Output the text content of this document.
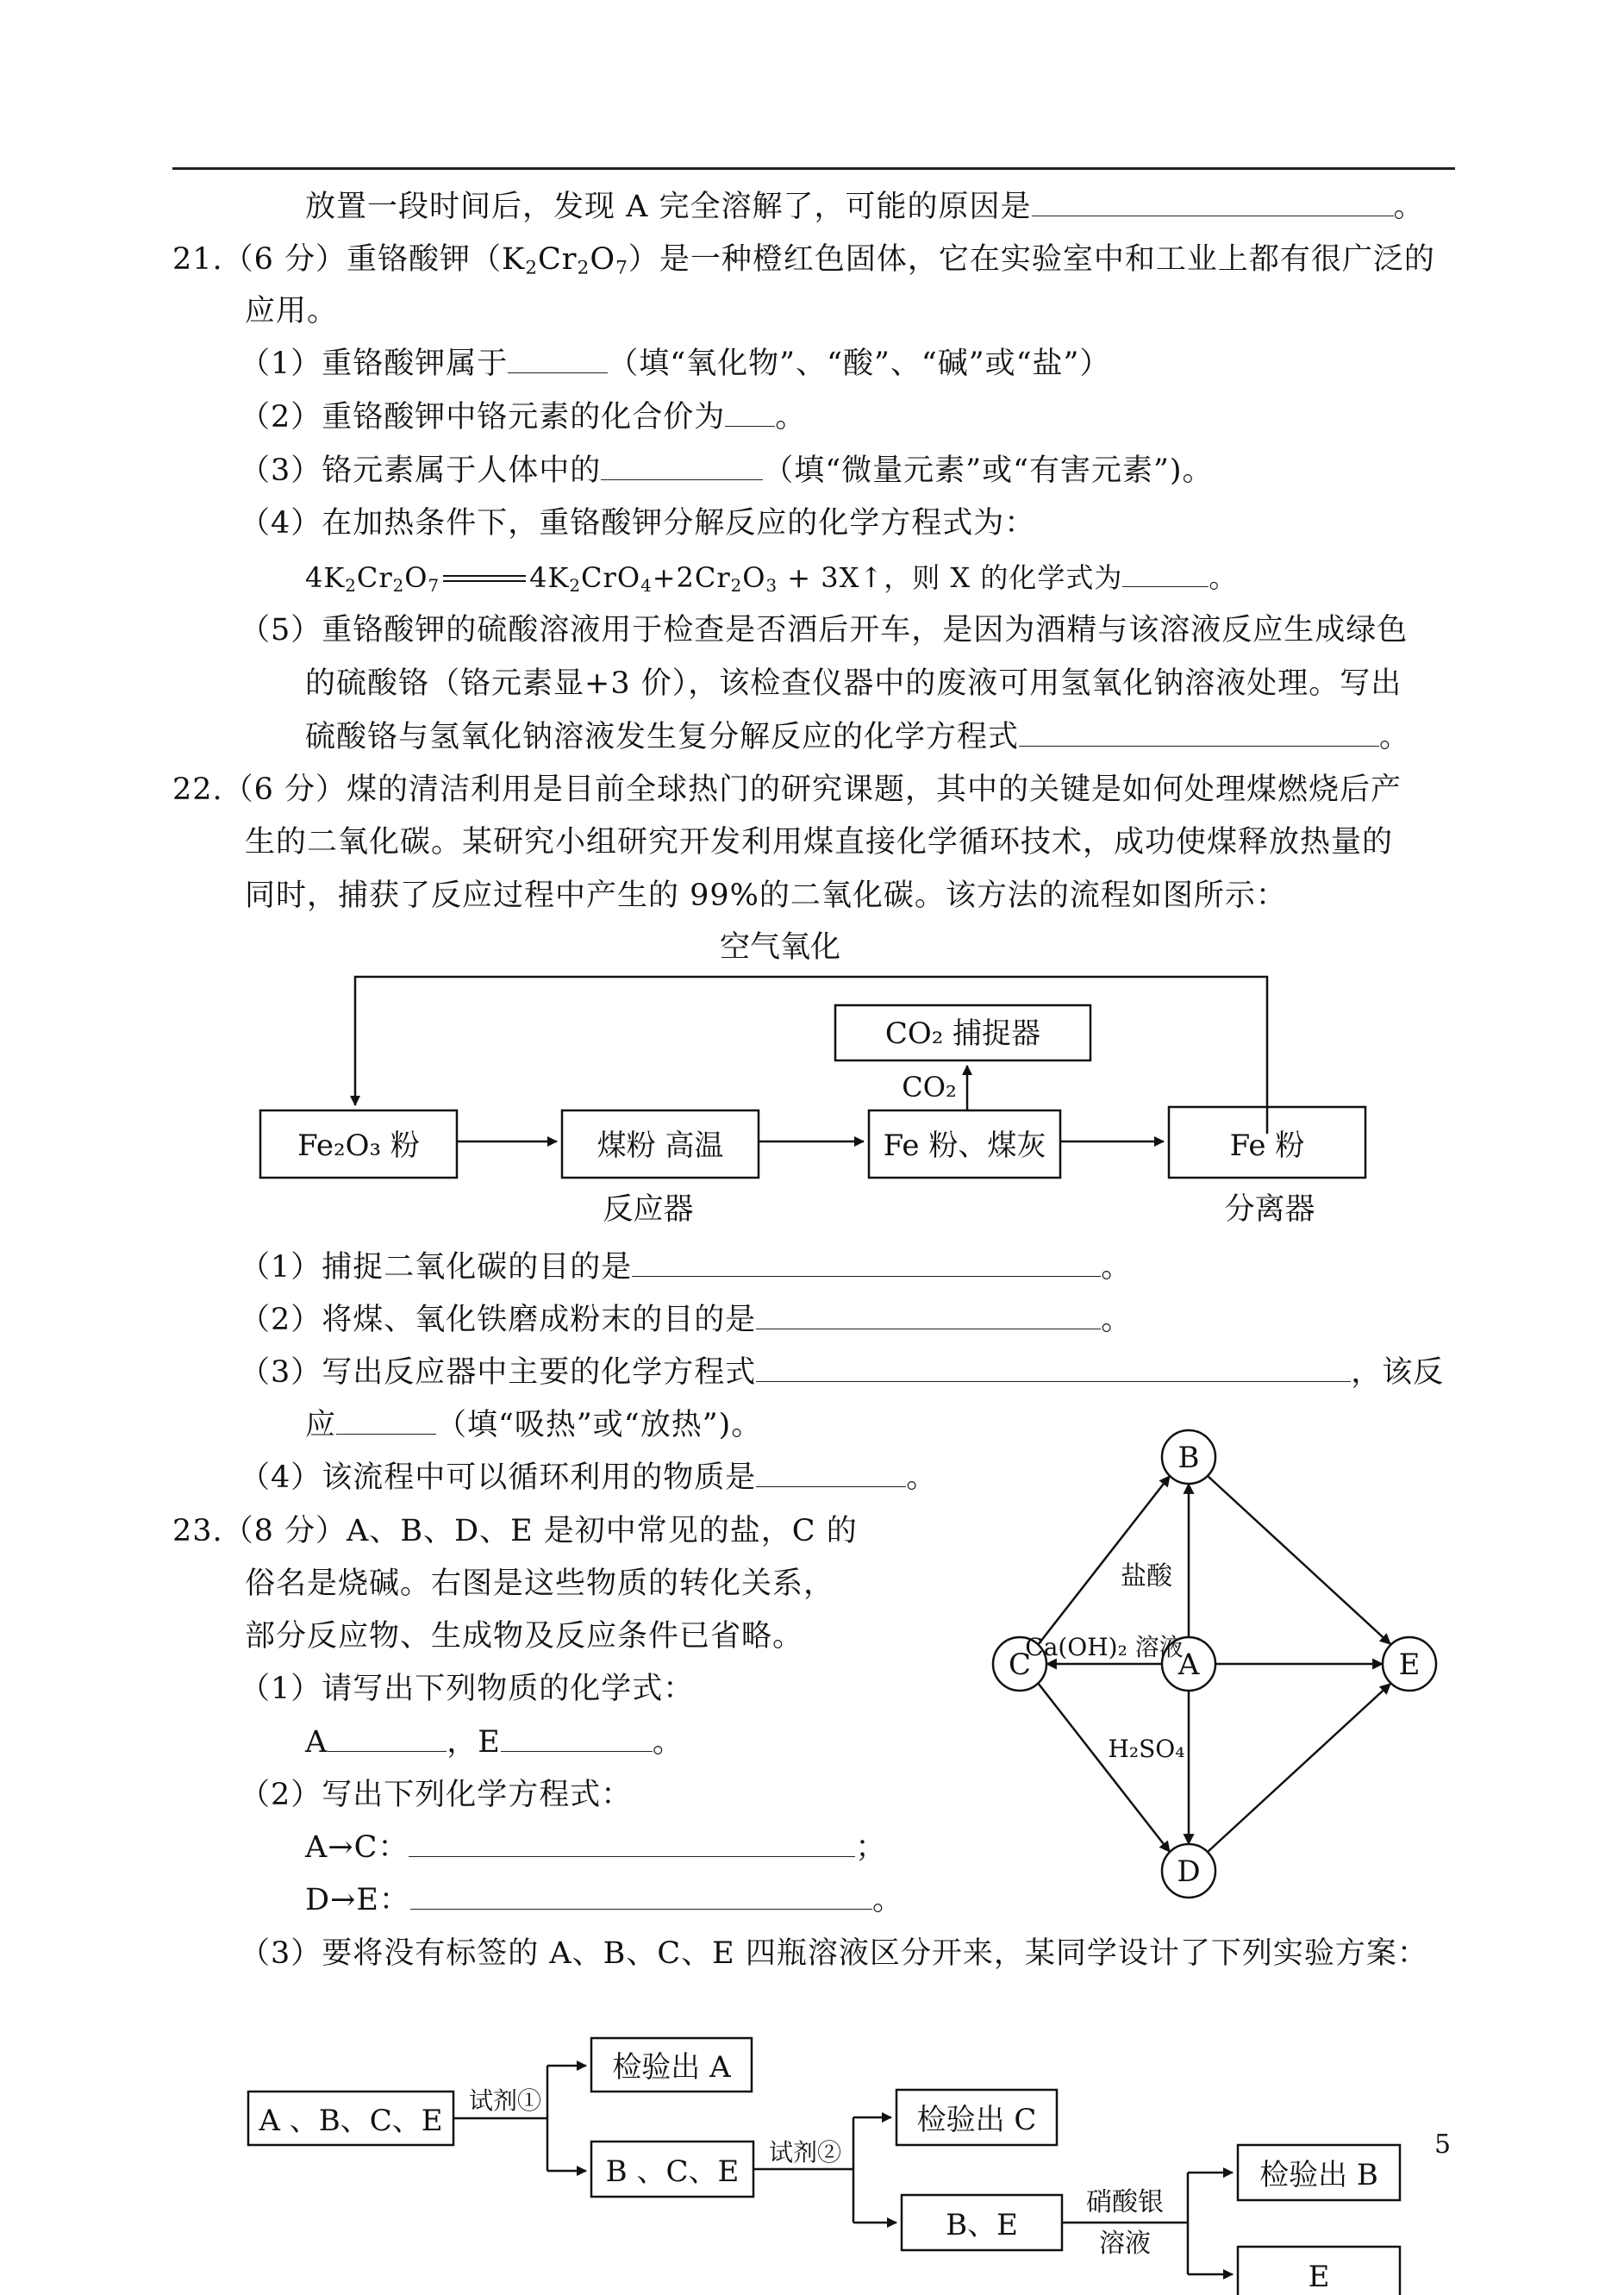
放置一段时间后，发现 A 完全溶解了，可能的原因是	。
21.（6 分）重铬酸钾$(K_2Cr_2O_7)$是一种橙红色固体，它在实验室中和工业上都有很广泛的
应用。
（1）重铬酸钾属于	（填“氧化物”、“酸”、“碱”或“盐”）
（2）重铬酸钾中铬元素的化合价为 。
（3）铬元素属于人体中的	（填“微量元素”或“有害元素”)。
（4）在加热条件下，重铬酸钾分解反应的化学方程式为：
$4K_2Cr_2O_7$	$4K_2CrO_4+2Cr_2O_3$ + 3X↑，则 X 的化学式为	。
（5）重铬酸钾的硫酸溶液用于检查是否酒后开车，是因为酒精与该溶液反应生成绿色
的硫酸铬（铬元素显+3 价），该检查仪器中的废液可用氢氧化钠溶液处理。写出
硫酸铬与氢氧化钠溶液发生复分解反应的化学方程式	。
22.（6 分）煤的清洁利用是目前全球热门的研究课题，其中的关键是如何处理煤燃烧后产
生的二氧化碳。某研究小组研究开发利用煤直接化学循环技术，成功使煤释放热量的
同时，捕获了反应过程中产生的 99%的二氧化碳。该方法的流程如图所示：
空气氧化
CO₂ 捕捉器
CO₂
Fe₂O₃ 粉	煤粉 高温	Fe 粉、煤灰	Fe 粉
反应器	分离器
（1）捕捉二氧化碳的目的是	。
（2）将煤、氧化铁磨成粉末的目的是	。
（3）写出反应器中主要的化学方程式	，该反
应	（填“吸热”或“放热”)。
（4）该流程中可以循环利用的物质是	。
23.（8 分）A、B、D、E 是初中常见的盐，C 的
俗名是烧碱。右图是这些物质的转化关系，
部分反应物、生成物及反应条件已省略。
（1）请写出下列物质的化学式：
A	，E	。
（2）写出下列化学方程式：
A→C：	；
D→E：	。
（3）要将没有标签的 A、B、C、E 四瓶溶液区分开来，某同学设计了下列实验方案：
B
A
D
C	E
盐酸
Ca(OH)₂ 溶液
H₂SO₄
A 、B、C、E
试剂①
检验出 A
B 、C、E
试剂②
检验出 C
B、E
硝酸银
溶液
检验出 B
E
5
